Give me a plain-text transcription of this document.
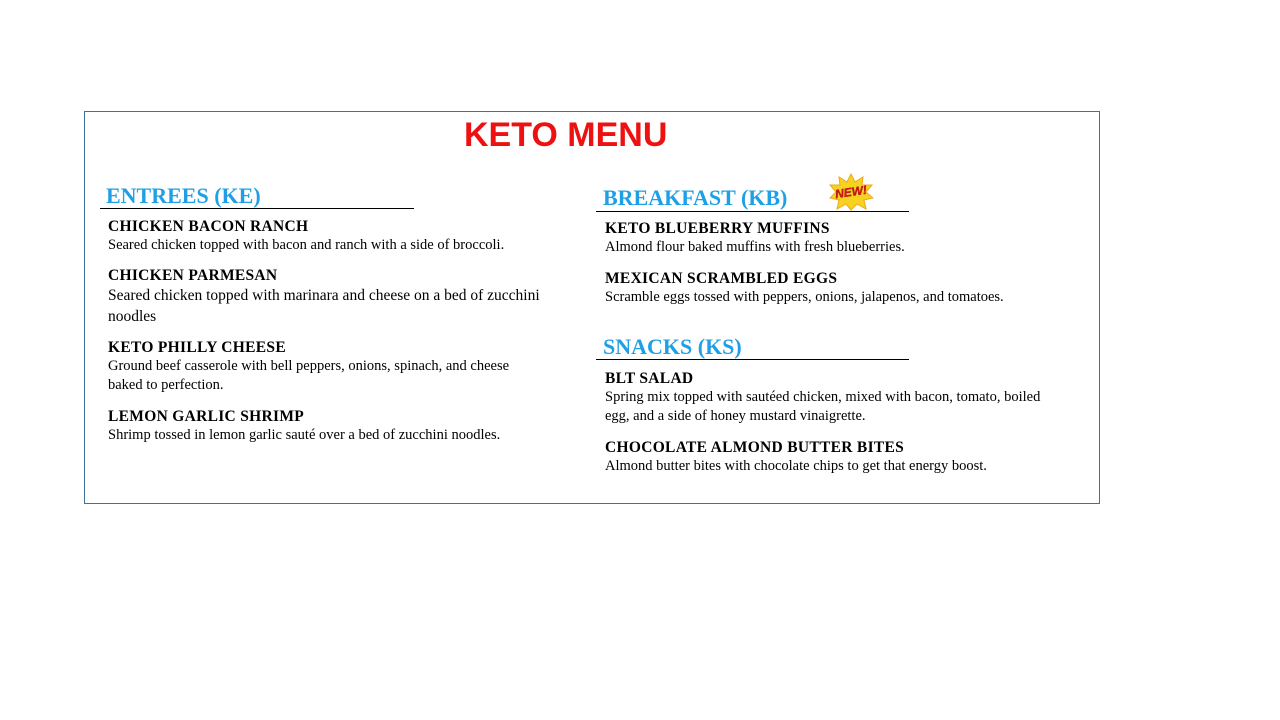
KETO MENU
ENTREES (KE)
CHICKEN BACON RANCH
Seared chicken topped with bacon and ranch with a side of broccoli.
CHICKEN PARMESAN
Seared chicken topped with marinara and cheese on a bed of zucchini noodles
KETO PHILLY CHEESE
Ground beef casserole with bell peppers, onions, spinach, and cheese baked to perfection.
LEMON GARLIC SHRIMP
Shrimp tossed in lemon garlic sauté over a bed of zucchini noodles.
BREAKFAST (KB)	NEW!
KETO BLUEBERRY MUFFINS
Almond flour baked muffins with fresh blueberries.
MEXICAN SCRAMBLED EGGS
Scramble eggs tossed with peppers, onions, jalapenos, and tomatoes.
SNACKS (KS)
BLT SALAD
Spring mix topped with sautéed chicken, mixed with bacon, tomato, boiled egg, and a side of honey mustard vinaigrette.
CHOCOLATE ALMOND BUTTER BITES
Almond butter bites with chocolate chips to get that energy boost.
